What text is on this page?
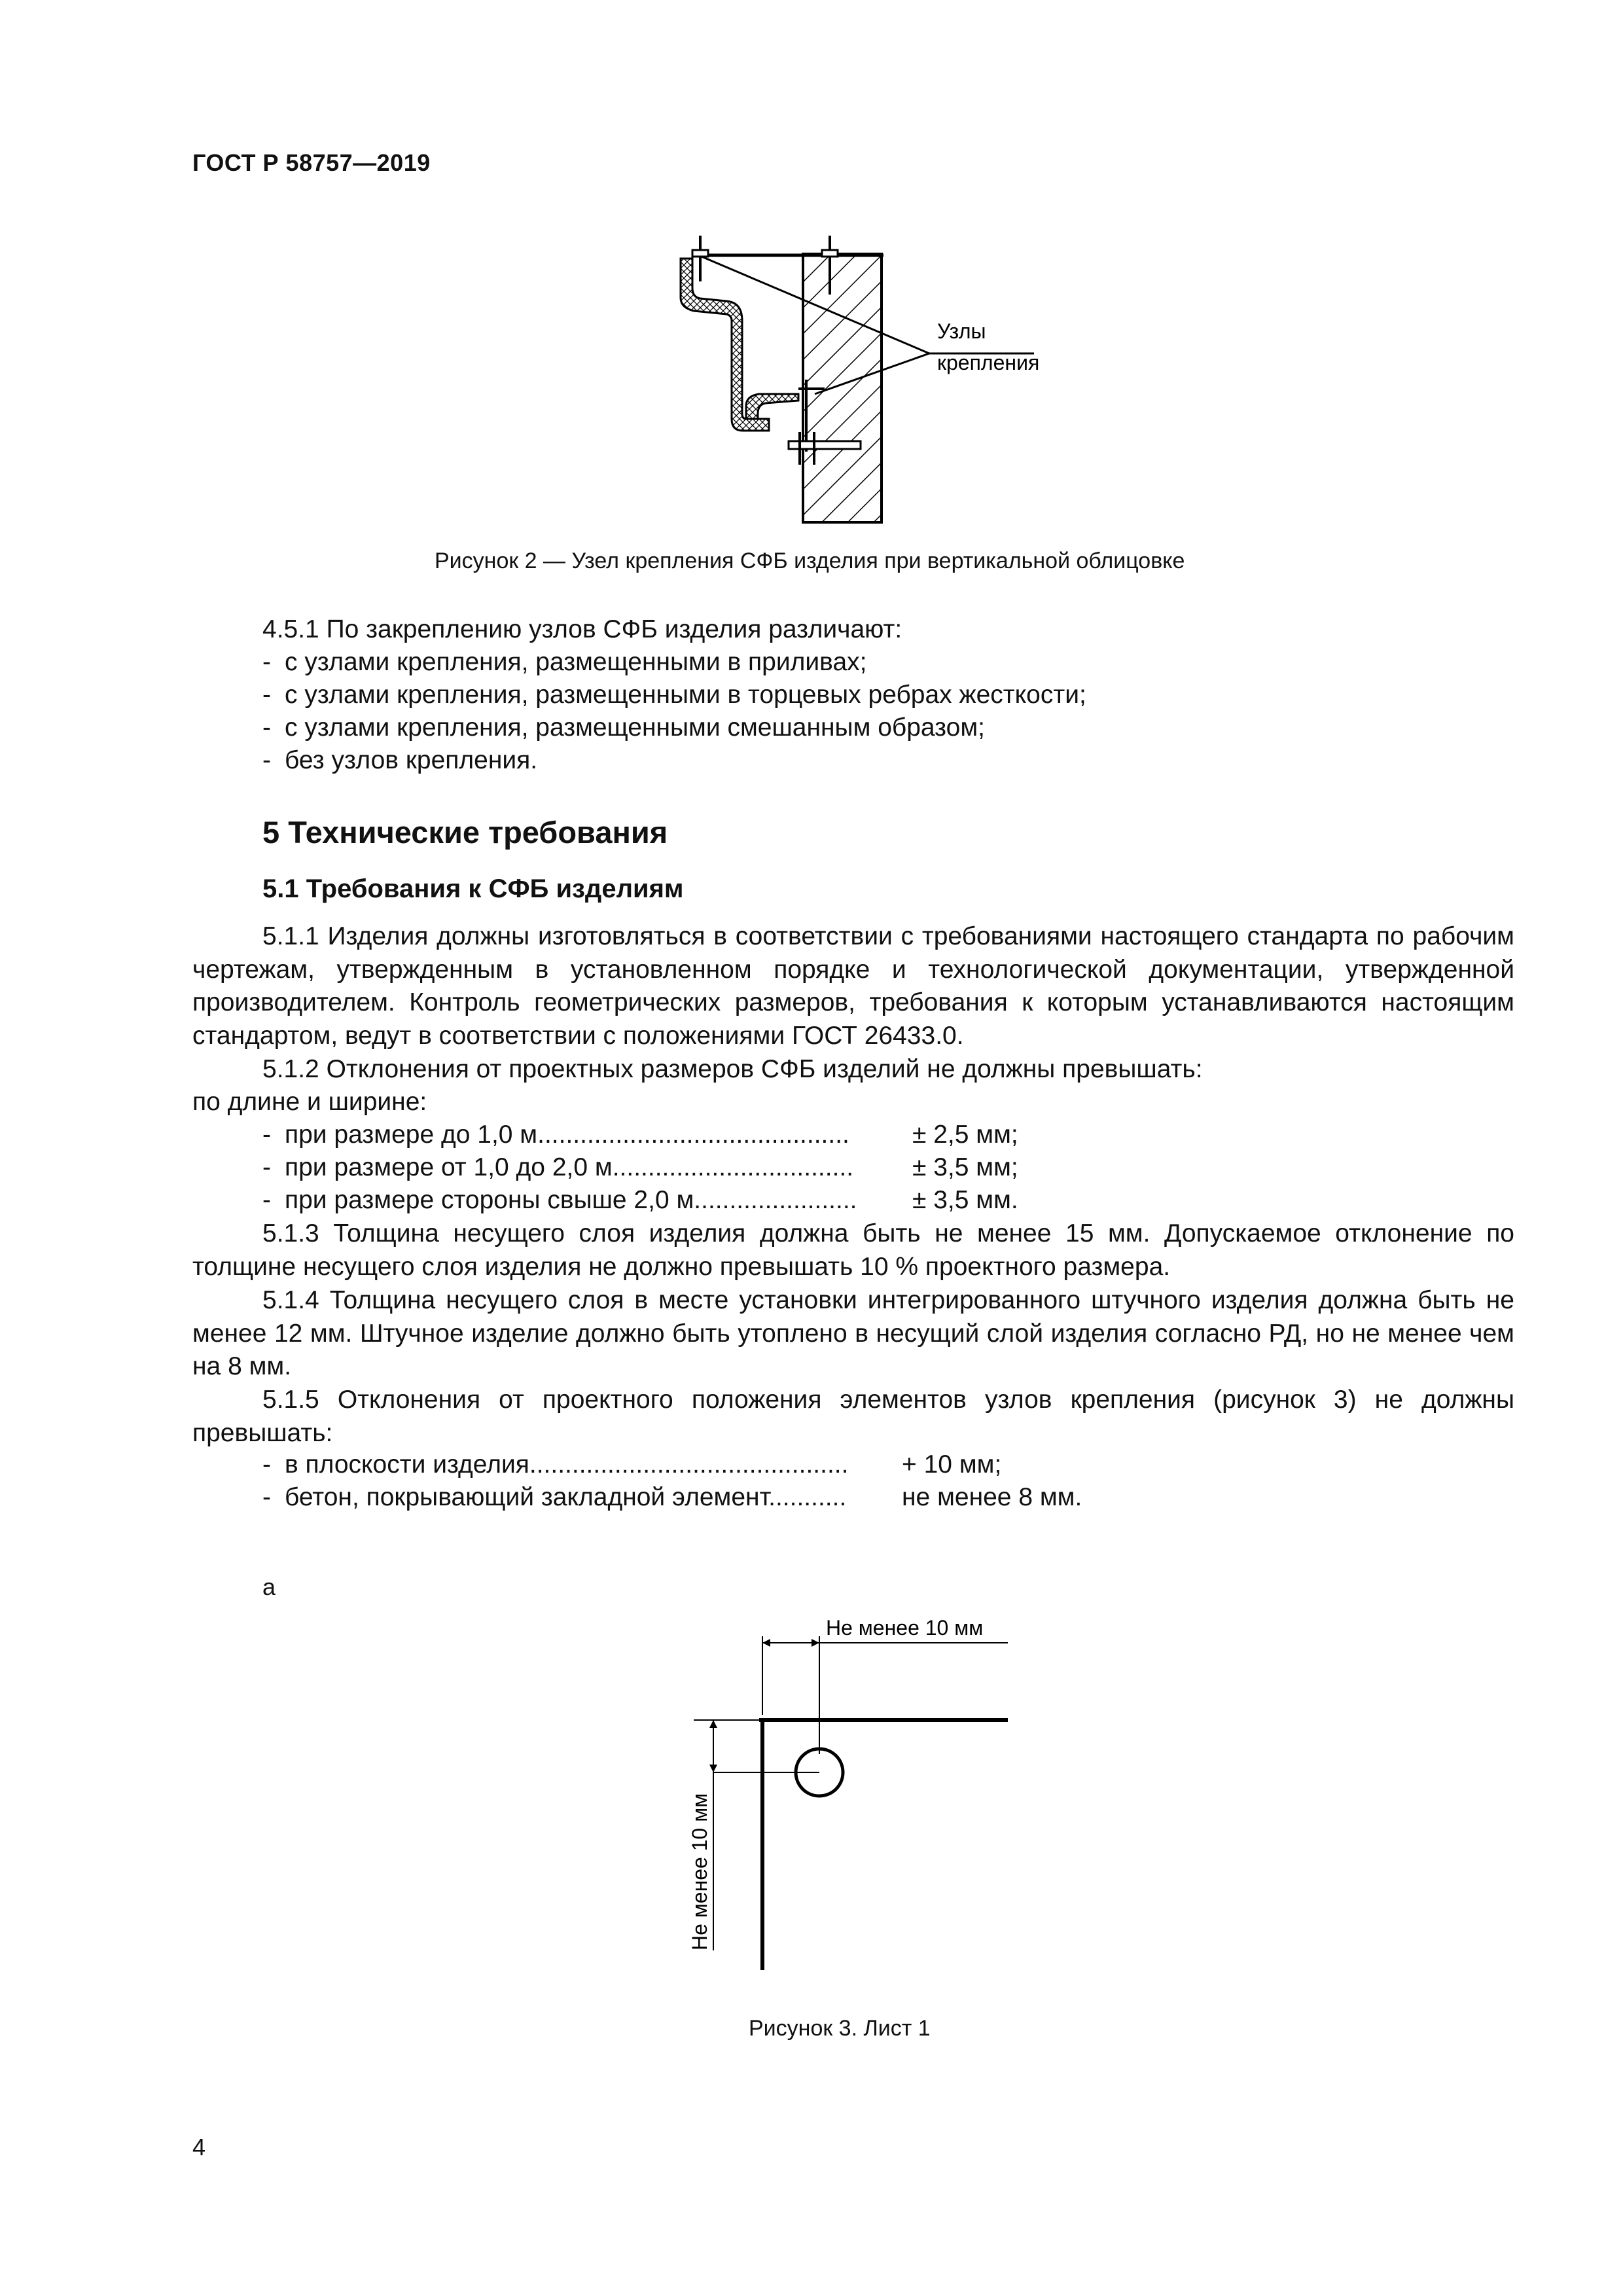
ГОСТ Р 58757—2019
Узлы
крепления
Рисунок 2 — Узел крепления СФБ изделия при вертикальной облицовке
4.5.1 По закреплению узлов СФБ изделия различают:
- с узлами крепления, размещенными в приливах;
- с узлами крепления, размещенными в торцевых ребрах жесткости;
- с узлами крепления, размещенными смешанным образом;
- без узлов крепления.
5 Технические требования
5.1 Требования к СФБ изделиям
5.1.1 Изделия должны изготовляться в соответствии с требованиями настоящего стандарта по рабочим чертежам, утвержденным в установленном порядке и технологической документации, утвержденной производителем. Контроль геометрических размеров, требования к которым устанавливаются настоящим стандартом, ведут в соответствии с положениями ГОСТ 26433.0.
5.1.2 Отклонения от проектных размеров СФБ изделий не должны превышать:
по длине и ширине:
- при размере до 1,0 м............................................ ± 2,5 мм;
- при размере от 1,0 до 2,0 м.................................. ± 3,5 мм;
- при размере стороны свыше 2,0 м....................... ± 3,5 мм.
5.1.3 Толщина несущего слоя изделия должна быть не менее 15 мм. Допускаемое отклонение по толщине несущего слоя изделия не должно превышать 10 % проектного размера.
5.1.4 Толщина несущего слоя в месте установки интегрированного штучного изделия должна быть не менее 12 мм. Штучное изделие должно быть утоплено в несущий слой изделия согласно РД, но не менее чем на 8 мм.
5.1.5 Отклонения от проектного положения элементов узлов крепления (рисунок 3) не должны превышать:
- в плоскости изделия............................................. + 10 мм;
- бетон, покрывающий закладной элемент........... не менее 8 мм.
а
Не менее 10 мм
Не менее 10 мм
Рисунок 3. Лист 1
4
